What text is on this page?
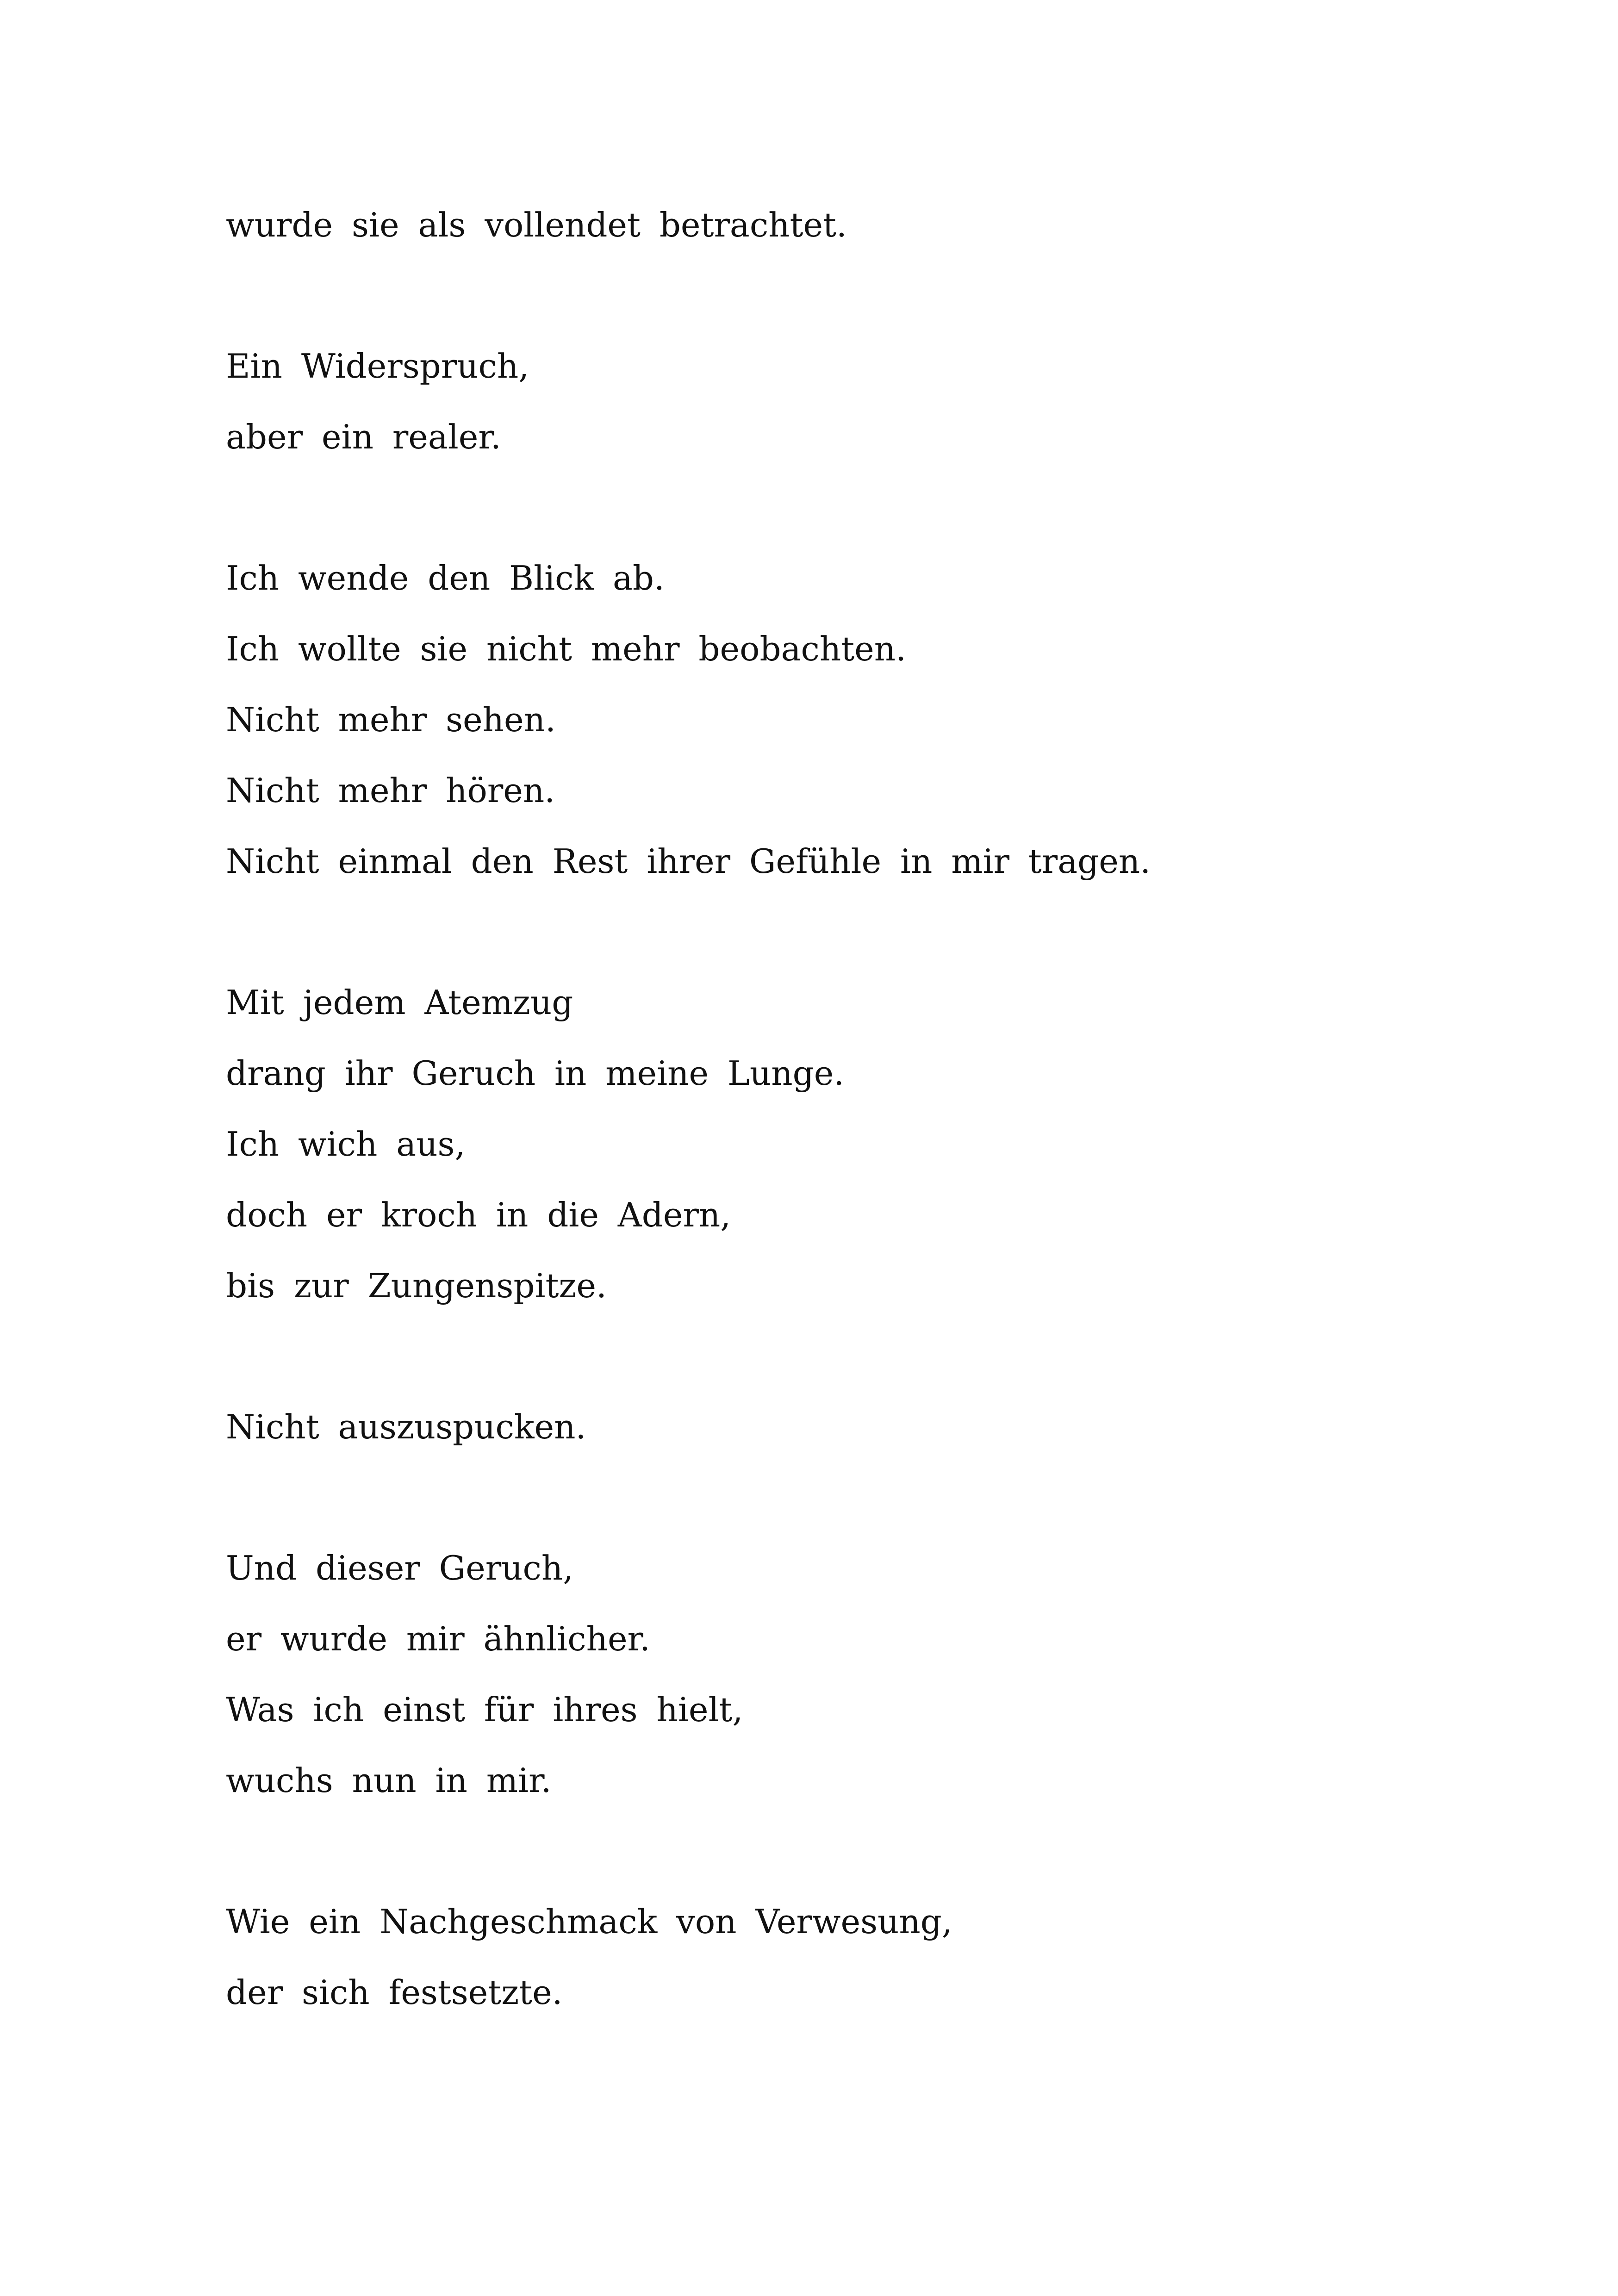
wurde sie als vollendet betrachtet.
Ein Widerspruch,
aber ein realer.
Ich wende den Blick ab.
Ich wollte sie nicht mehr beobachten.
Nicht mehr sehen.
Nicht mehr hören.
Nicht einmal den Rest ihrer Gefühle in mir tragen.
Mit jedem Atemzug
drang ihr Geruch in meine Lunge.
Ich wich aus,
doch er kroch in die Adern,
bis zur Zungenspitze.
Nicht auszuspucken.
Und dieser Geruch,
er wurde mir ähnlicher.
Was ich einst für ihres hielt,
wuchs nun in mir.
Wie ein Nachgeschmack von Verwesung,
der sich festsetzte.
